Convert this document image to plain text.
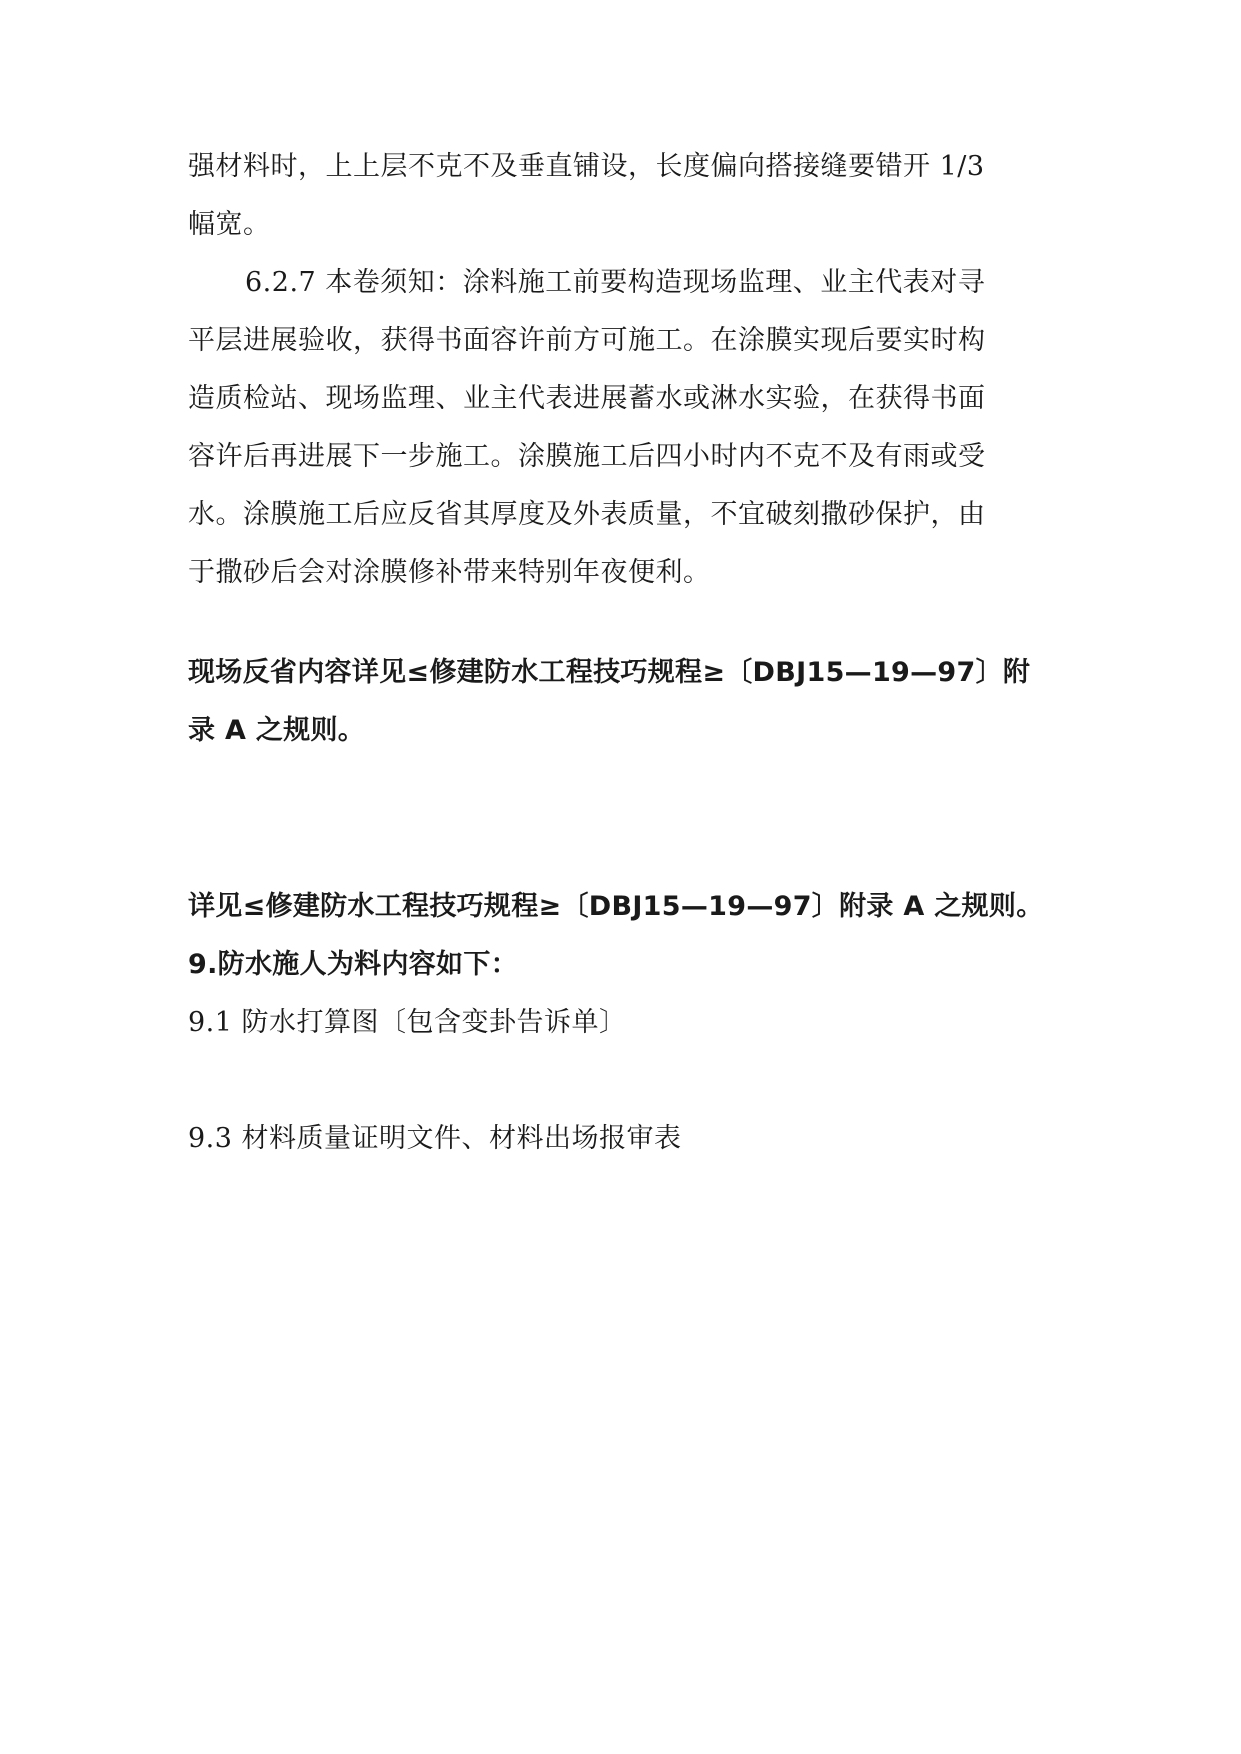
强材料时，上上层不克不及垂直铺设，长度偏向搭接缝要错开 1/3
幅宽。
6.2.7 本卷须知：涂料施工前要构造现场监理、业主代表对寻
平层进展验收，获得书面容许前方可施工。在涂膜实现后要实时构
造质检站、现场监理、业主代表进展蓄水或淋水实验，在获得书面
容许后再进展下一步施工。涂膜施工后四小时内不克不及有雨或受
水。涂膜施工后应反省其厚度及外表质量，不宜破刻撒砂保护，由
于撒砂后会对涂膜修补带来特别年夜便利。
现场反省内容详见≤修建防水工程技巧规程≥〔DBJ15—19—97〕附
录 A 之规则。
详见≤修建防水工程技巧规程≥〔DBJ15—19—97〕附录 A 之规则。
9.防水施人为料内容如下：
9.1 防水打算图〔包含变卦告诉单〕
9.3 材料质量证明文件、材料出场报审表
